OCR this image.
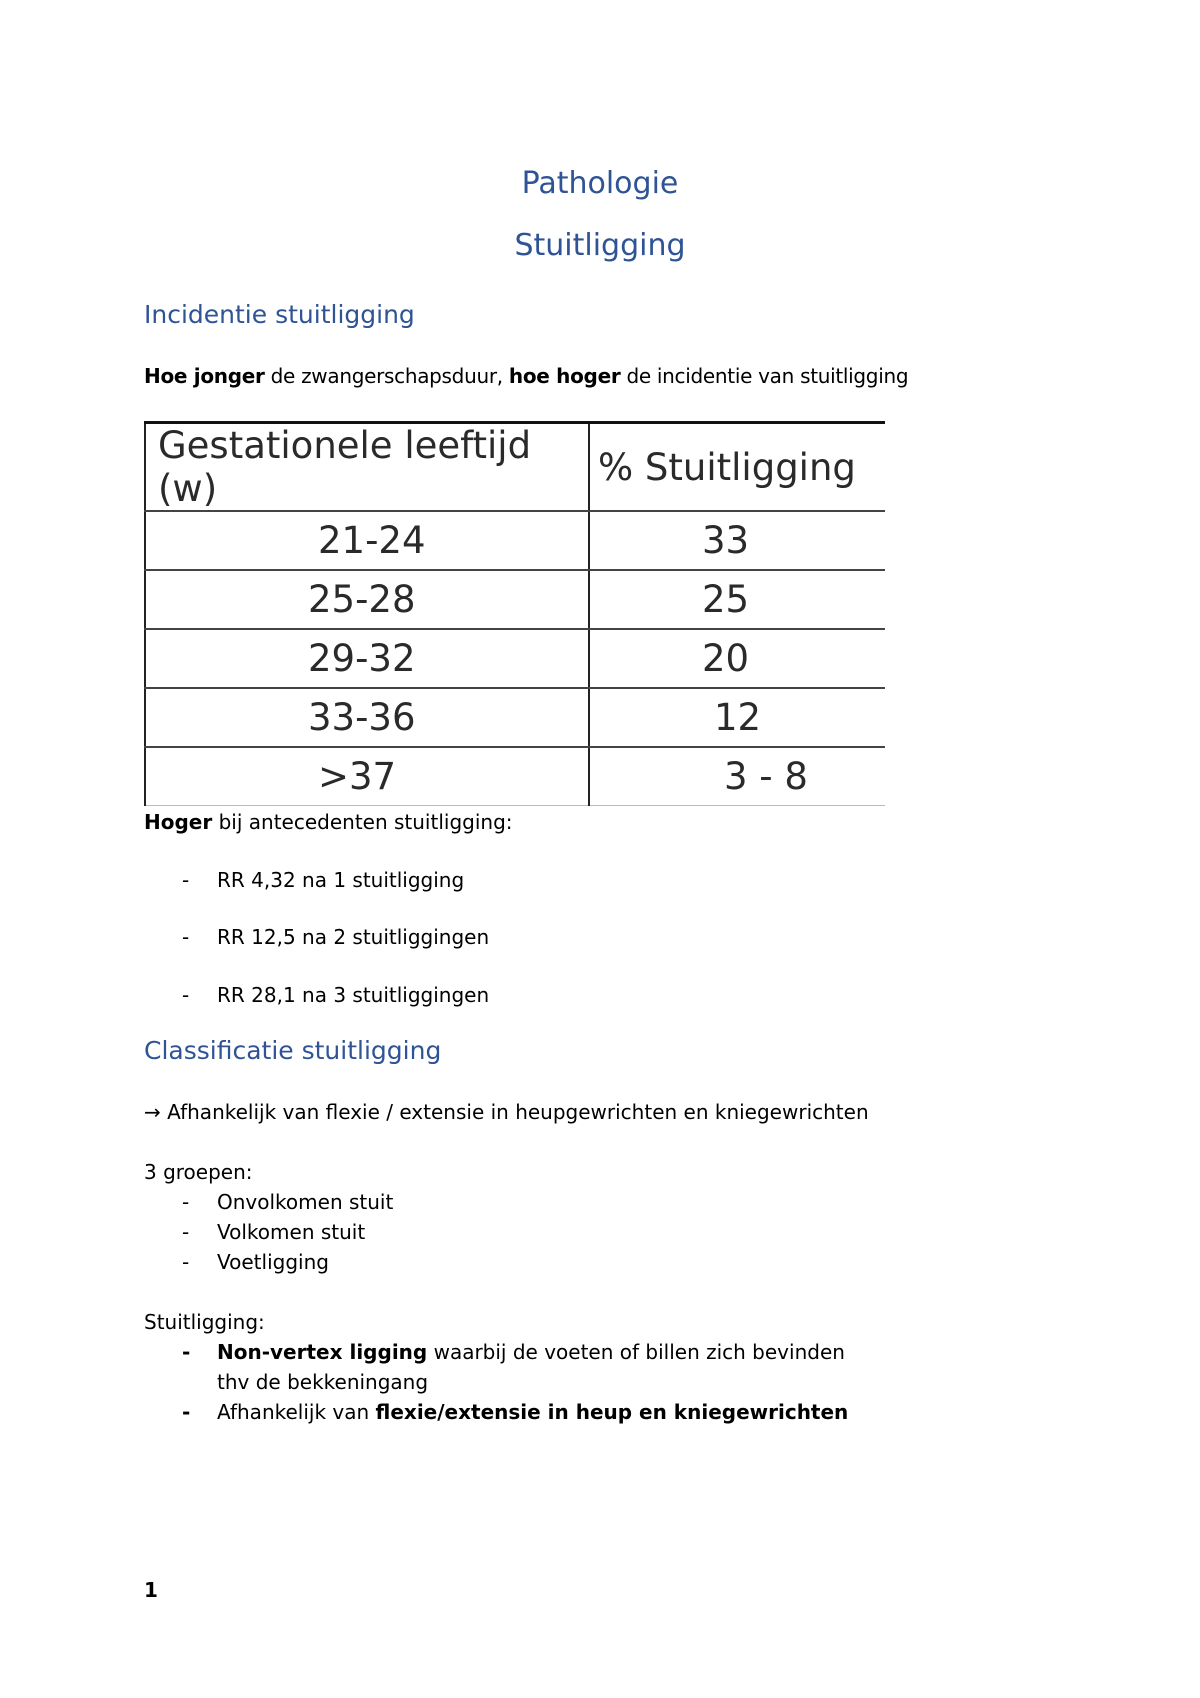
Pathologie
Stuitligging
Incidentie stuitligging

Hoe jonger de zwangerschapsduur, hoe hoger de incidentie van stuitligging

Gestationele leeftijd (w)	% Stuitligging
21-24	33
25-28	25
29-32	20
33-36	12
>37	3 - 8

Hoger bij antecedenten stuitligging:

- RR 4,32 na 1 stuitligging

- RR 12,5 na 2 stuitliggingen

- RR 28,1 na 3 stuitliggingen

Classificatie stuitligging

→ Afhankelijk van flexie / extensie in heupgewrichten en kniegewrichten

3 groepen:

- Onvolkomen stuit

- Volkomen stuit

- Voetligging

Stuitligging:

- Non-vertex ligging waarbij de voeten of billen zich bevinden

thv de bekkeningang

- Afhankelijk van flexie/extensie in heup en kniegewrichten

1
